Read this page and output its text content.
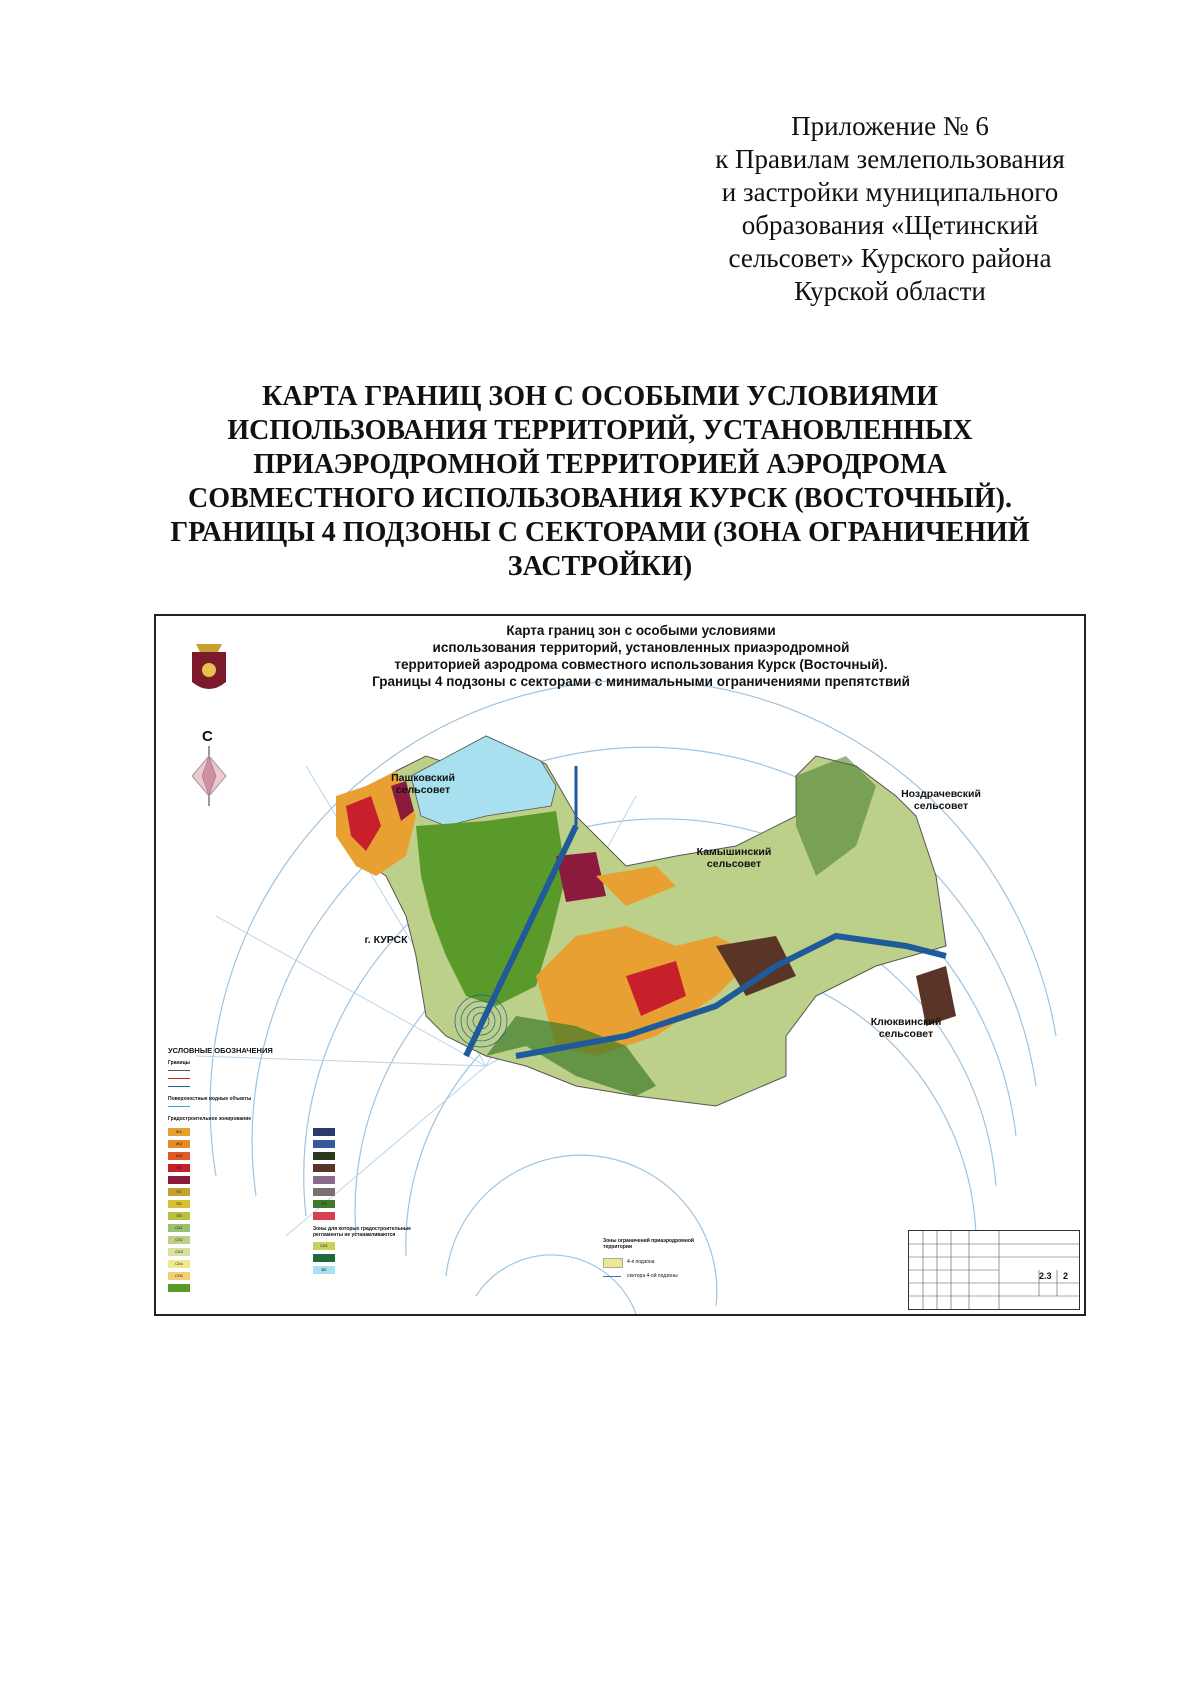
Приложение № 6
к Правилам землепользования
и застройки муниципального
образования «Щетинский
сельсовет» Курского района
Курской области
КАРТА ГРАНИЦ ЗОН С ОСОБЫМИ УСЛОВИЯМИ
ИСПОЛЬЗОВАНИЯ ТЕРРИТОРИЙ, УСТАНОВЛЕННЫХ
ПРИАЭРОДРОМНОЙ ТЕРРИТОРИЕЙ АЭРОДРОМА
СОВМЕСТНОГО ИСПОЛЬЗОВАНИЯ КУРСК (ВОСТОЧНЫЙ).
ГРАНИЦЫ 4 ПОДЗОНЫ С СЕКТОРАМИ (ЗОНА ОГРАНИЧЕНИЙ
ЗАСТРОЙКИ)
Карта границ зон с особыми условиями
использования территорий, установленных приаэродромной
территорией аэродрома совместного использования Курск (Восточный).
Границы 4 подзоны с секторами с минимальными ограничениями препятствий
С
Пашковский
сельсовет
Камышинский
сельсовет
Ноздрачевский
сельсовет
Клюквинский
сельсовет
г. КУРСК
УСЛОВНЫЕ ОБОЗНАЧЕНИЯ
Границы
Поверхностные водные объекты
Градостроительное зонирование
Ж1
Ж2
Ж3
О1
П1
П2
П3
СХ1
СХ2
СХ3
СХ4
СН1
Р1
Зоны для которых градостроительные регламенты не устанавливаются
СХ1
ВЗ
Зоны ограничений приаэродромной территории
4-я подзона
сектора 4-ой подзоны	2.3 2
